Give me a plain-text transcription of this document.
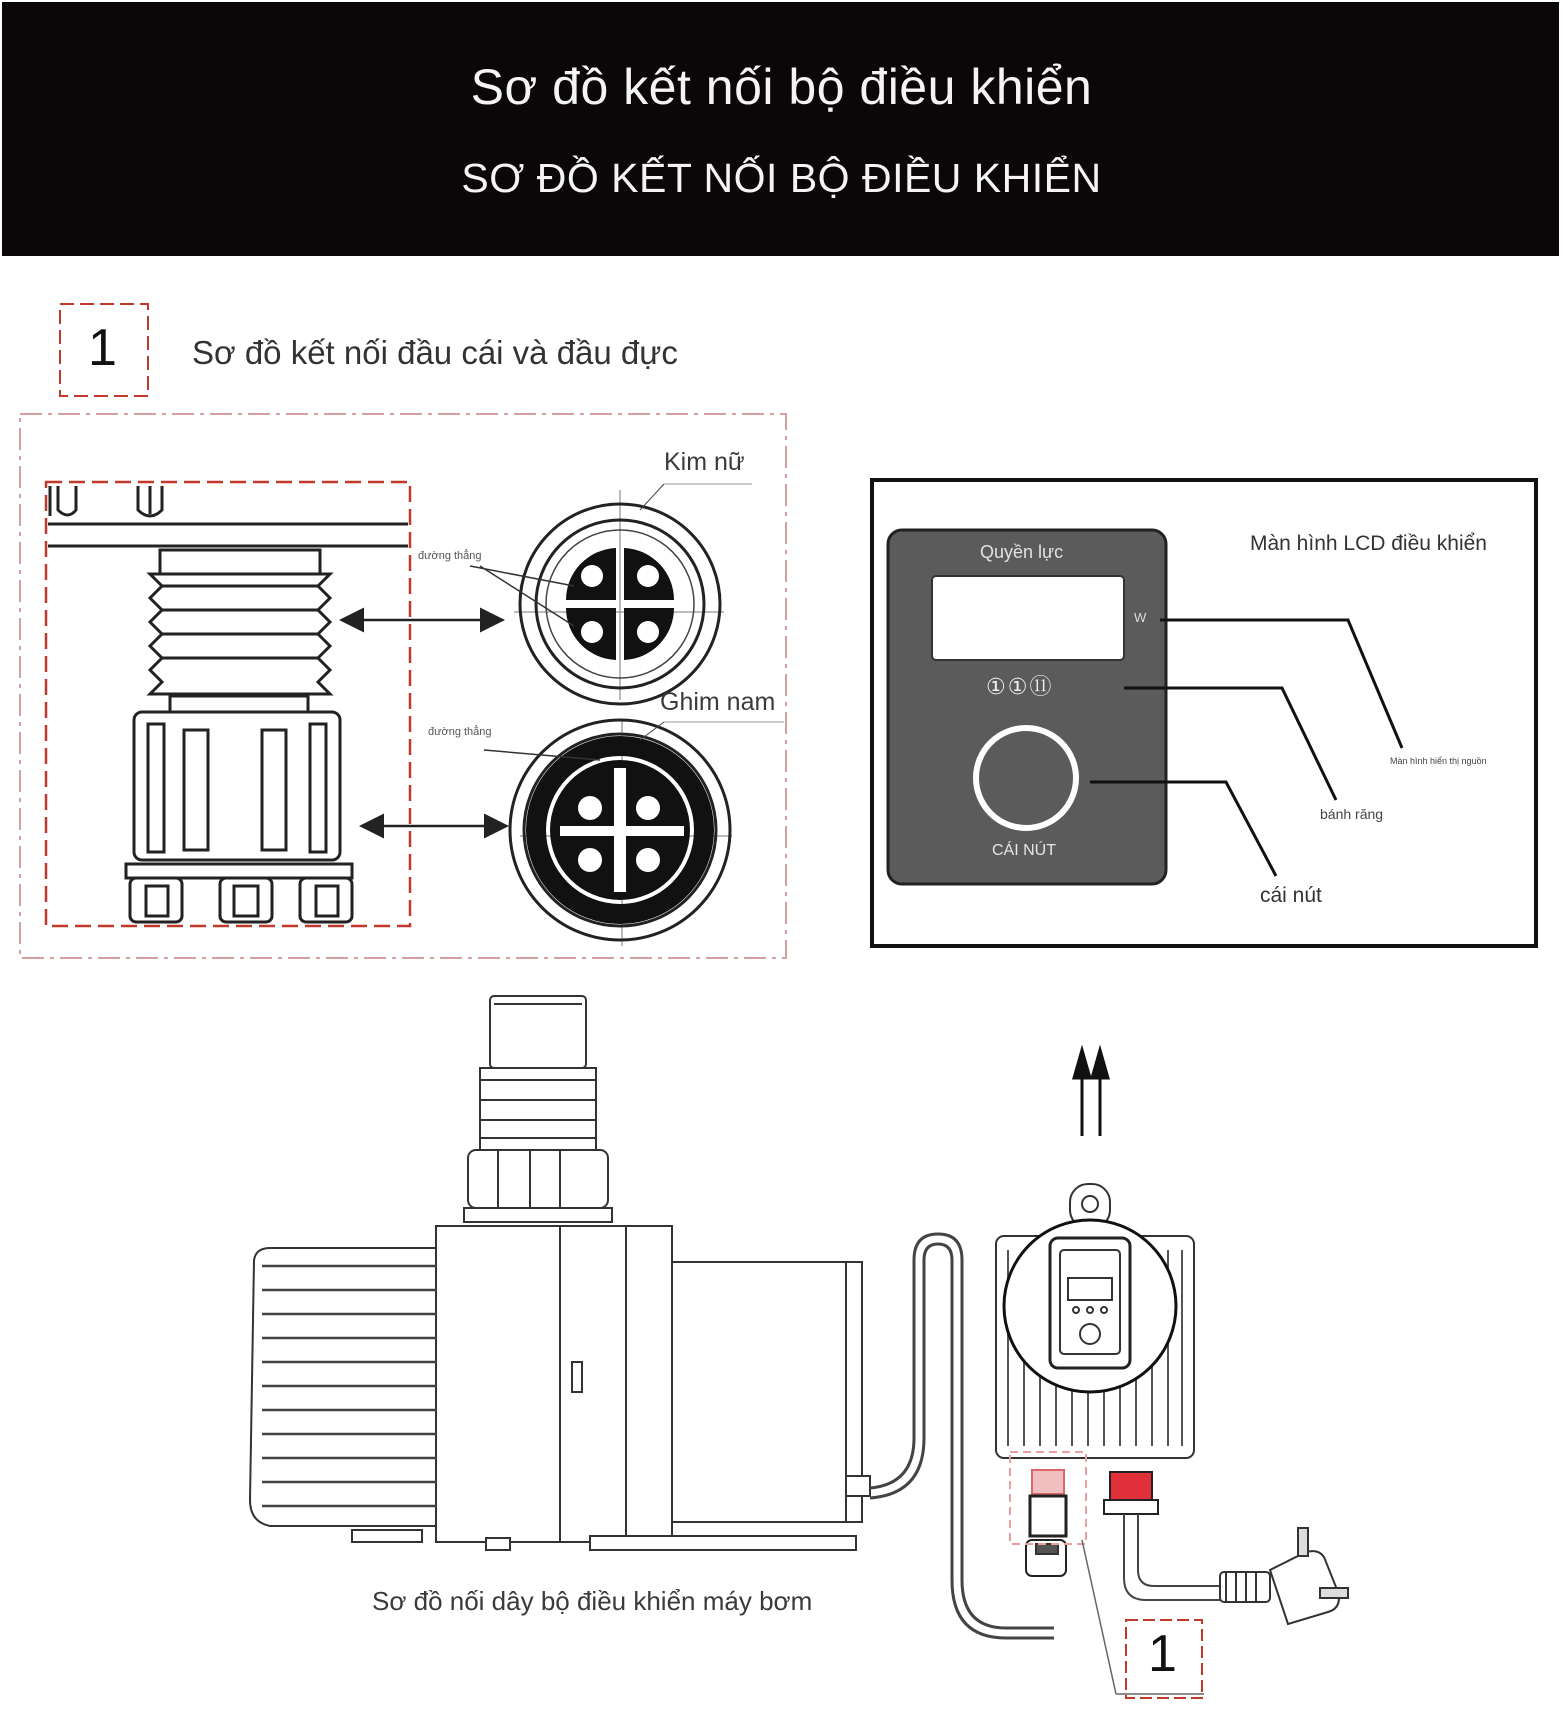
Sơ đồ kết nối bộ điều khiển
SƠ ĐỒ KẾT NỐI BỘ ĐIỀU KHIỂN
1 Sơ đồ kết nối đầu cái và đầu đực
Kim nữ
Ghim nam
đường thẳng
đường thẳng
Quyền lực
W
①①⑪
CÁI NÚT
Màn hình LCD điều khiển
Màn hình hiển thị nguồn
bánh răng
cái nút
Sơ đồ nối dây bộ điều khiển máy bơm
1
